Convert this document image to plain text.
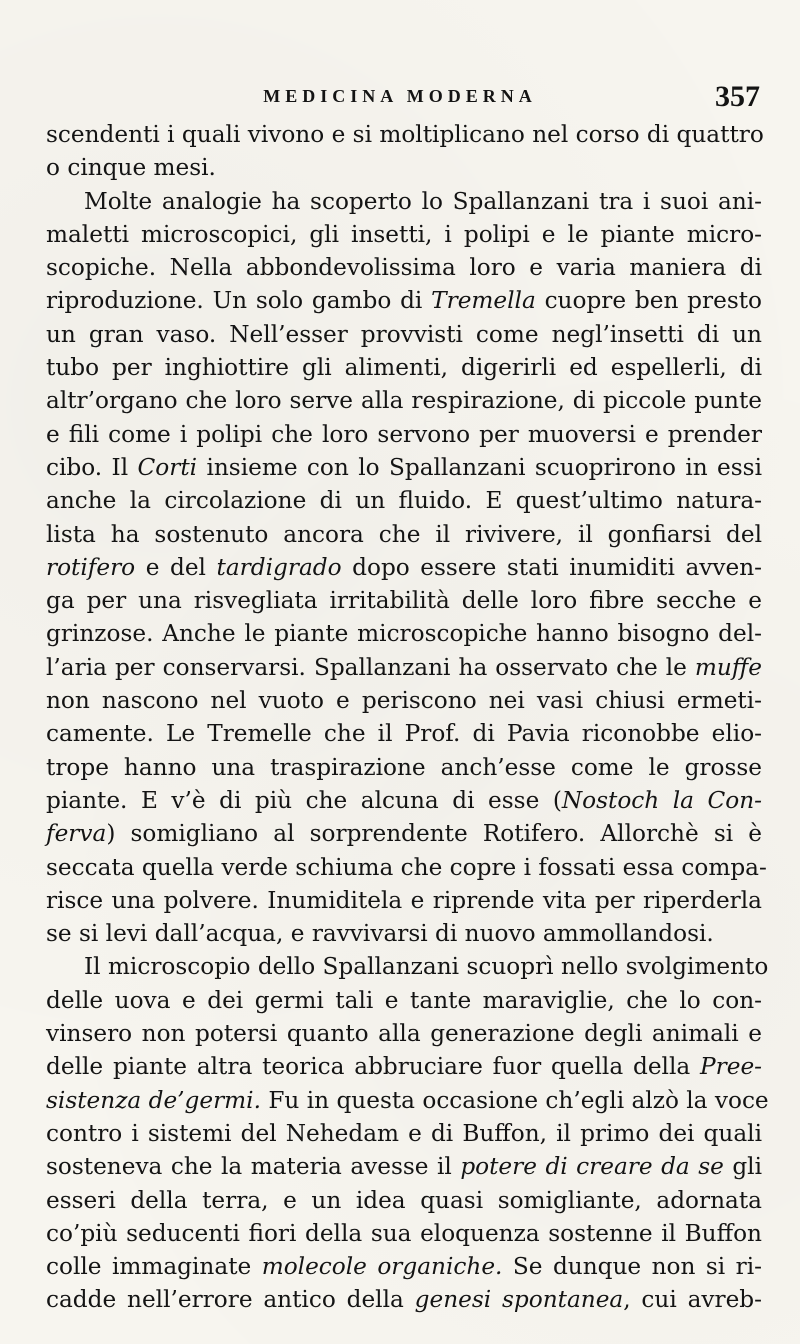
MEDICINA MODERNA	357
scendenti i quali vivono e si moltiplicano nel corso di quattro
o cinque mesi.
Molte analogie ha scoperto lo Spallanzani tra i suoi ani-
maletti microscopici, gli insetti, i polipi e le piante micro-
scopiche. Nella abbondevolissima loro e varia maniera di
riproduzione. Un solo gambo di Tremella cuopre ben presto
un gran vaso. Nell’esser provvisti come negl’insetti di un
tubo per inghiottire gli alimenti, digerirli ed espellerli, di
altr’organo che loro serve alla respirazione, di piccole punte
e fili come i polipi che loro servono per muoversi e prender
cibo. Il Corti insieme con lo Spallanzani scuoprirono in essi
anche la circolazione di un fluido. E quest’ultimo natura-
lista ha sostenuto ancora che il rivivere, il gonfiarsi del
rotifero e del tardigrado dopo essere stati inumiditi avven-
ga per una risvegliata irritabilità delle loro fibre secche e
grinzose. Anche le piante microscopiche hanno bisogno del-
l’aria per conservarsi. Spallanzani ha osservato che le muffe
non nascono nel vuoto e periscono nei vasi chiusi ermeti-
camente. Le Tremelle che il Prof. di Pavia riconobbe elio-
trope hanno una traspirazione anch’esse come le grosse
piante. E v’è di più che alcuna di esse (Nostoch la Con-
ferva) somigliano al sorprendente Rotifero. Allorchè si è
seccata quella verde schiuma che copre i fossati essa compa-
risce una polvere. Inumiditela e riprende vita per riperderla
se si levi dall’acqua, e ravvivarsi di nuovo ammollandosi.
Il microscopio dello Spallanzani scuoprì nello svolgimento
delle uova e dei germi tali e tante maraviglie, che lo con-
vinsero non potersi quanto alla generazione degli animali e
delle piante altra teorica abbruciare fuor quella della Pree-
sistenza de’germi. Fu in questa occasione ch’egli alzò la voce
contro i sistemi del Nehedam e di Buffon, il primo dei quali
sosteneva che la materia avesse il potere di creare da se gli
esseri della terra, e un idea quasi somigliante, adornata
co’più seducenti fiori della sua eloquenza sostenne il Buffon
colle immaginate molecole organiche. Se dunque non si ri-
cadde nell’errore antico della genesi spontanea, cui avreb-
